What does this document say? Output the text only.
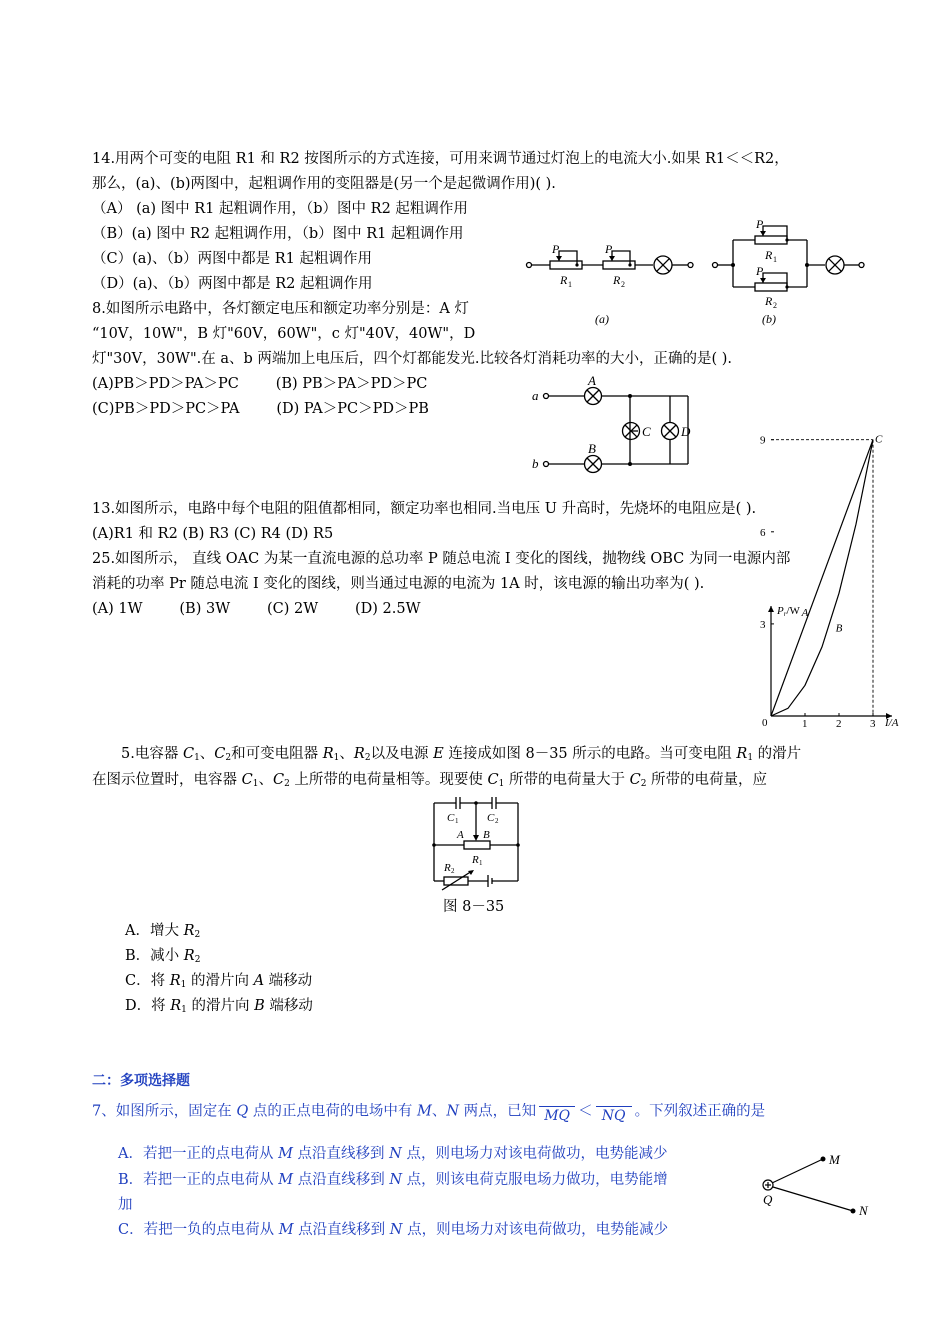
14.用两个可变的电阻 R1 和 R2 按图所示的方式连接，可用来调节通过灯泡上的电流大小.如果 R1＜＜R2，
那么，(a)、(b)两图中，起粗调作用的变阻器是(另一个是起微调作用)( ).
（A） (a) 图中 R1 起粗调作用，（b）图中 R2 起粗调作用
（B）(a) 图中 R2 起粗调作用，（b）图中 R1 起粗调作用
（C）(a)、（b）两图中都是 R1 起粗调作用
（D）(a)、（b）两图中都是 R2 起粗调作用
P	P
R 1	R 2
P
P
R 1
R 2
(a)	(b)
8.如图所示电路中，各灯额定电压和额定功率分别是：A 灯
“10V，10W"，B 灯"60V，60W"，c 灯"40V，40W"，D
灯"30V，30W".在 a、b 两端加上电压后，四个灯都能发光.比较各灯消耗功率的大小，正确的是( ).
(A)PB＞PD＞PA＞PC        (B) PB＞PA＞PD＞PC
(C)PB＞PD＞PC＞PA        (D) PA＞PC＞PD＞PB
a
b
A
B
C D
13.如图所示，电路中每个电阻的阻值都相同，额定功率也相同.当电压 U 升高时，先烧坏的电阻应是( ).
(A)R1 和 R2 (B) R3 (C) R4 (D) R5
25.如图所示， 直线 OAC 为某一直流电源的总功率 P 随总电流 I 变化的图线，抛物线 OBC 为同一电源内部
消耗的功率 Pr 随总电流 I 变化的图线，则当通过电源的电流为 1A 时，该电源的输出功率为( ).
(A) 1W        (B) 3W        (C) 2W        (D) 2.5W
1	2	3
3
6
9
A
B
C
Pr/W
I/A
0
5.电容器 $C_1$、$C_2$和可变电阻器 $R_1$、$R_2$以及电源 E 连接成如图 8－35 所示的电路。当可变电阻 $R_1$ 的滑片
在图示位置时，电容器 $C_1$、$C_2$ 上所带的电荷量相等。现要使 $C_1$ 所带的电荷量大于 $C_2$ 所带的电荷量，应
C 1	C 2
A B
R 2
R 1
图 8－35
A．增大 $R_2$
B．减小 $R_2$
C．将 $R_1$ 的滑片向 A 端移动
D．将 $R_1$ 的滑片向 B 端移动
二：多项选择题
7、如图所示，固定在 Q 点的正点电荷的电场中有 M、N 两点，已知 MQ ＜ NQ 。下列叙述正确的是
A．若把一正的点电荷从 M 点沿直线移到 N 点，则电场力对该电荷做功，电势能减少
B．若把一正的点电荷从 M 点沿直线移到 N 点，则该电荷克服电场力做功，电势能增
加
C．若把一负的点电荷从 M 点沿直线移到 N 点，则电场力对该电荷做功，电势能减少
M
N
Q
